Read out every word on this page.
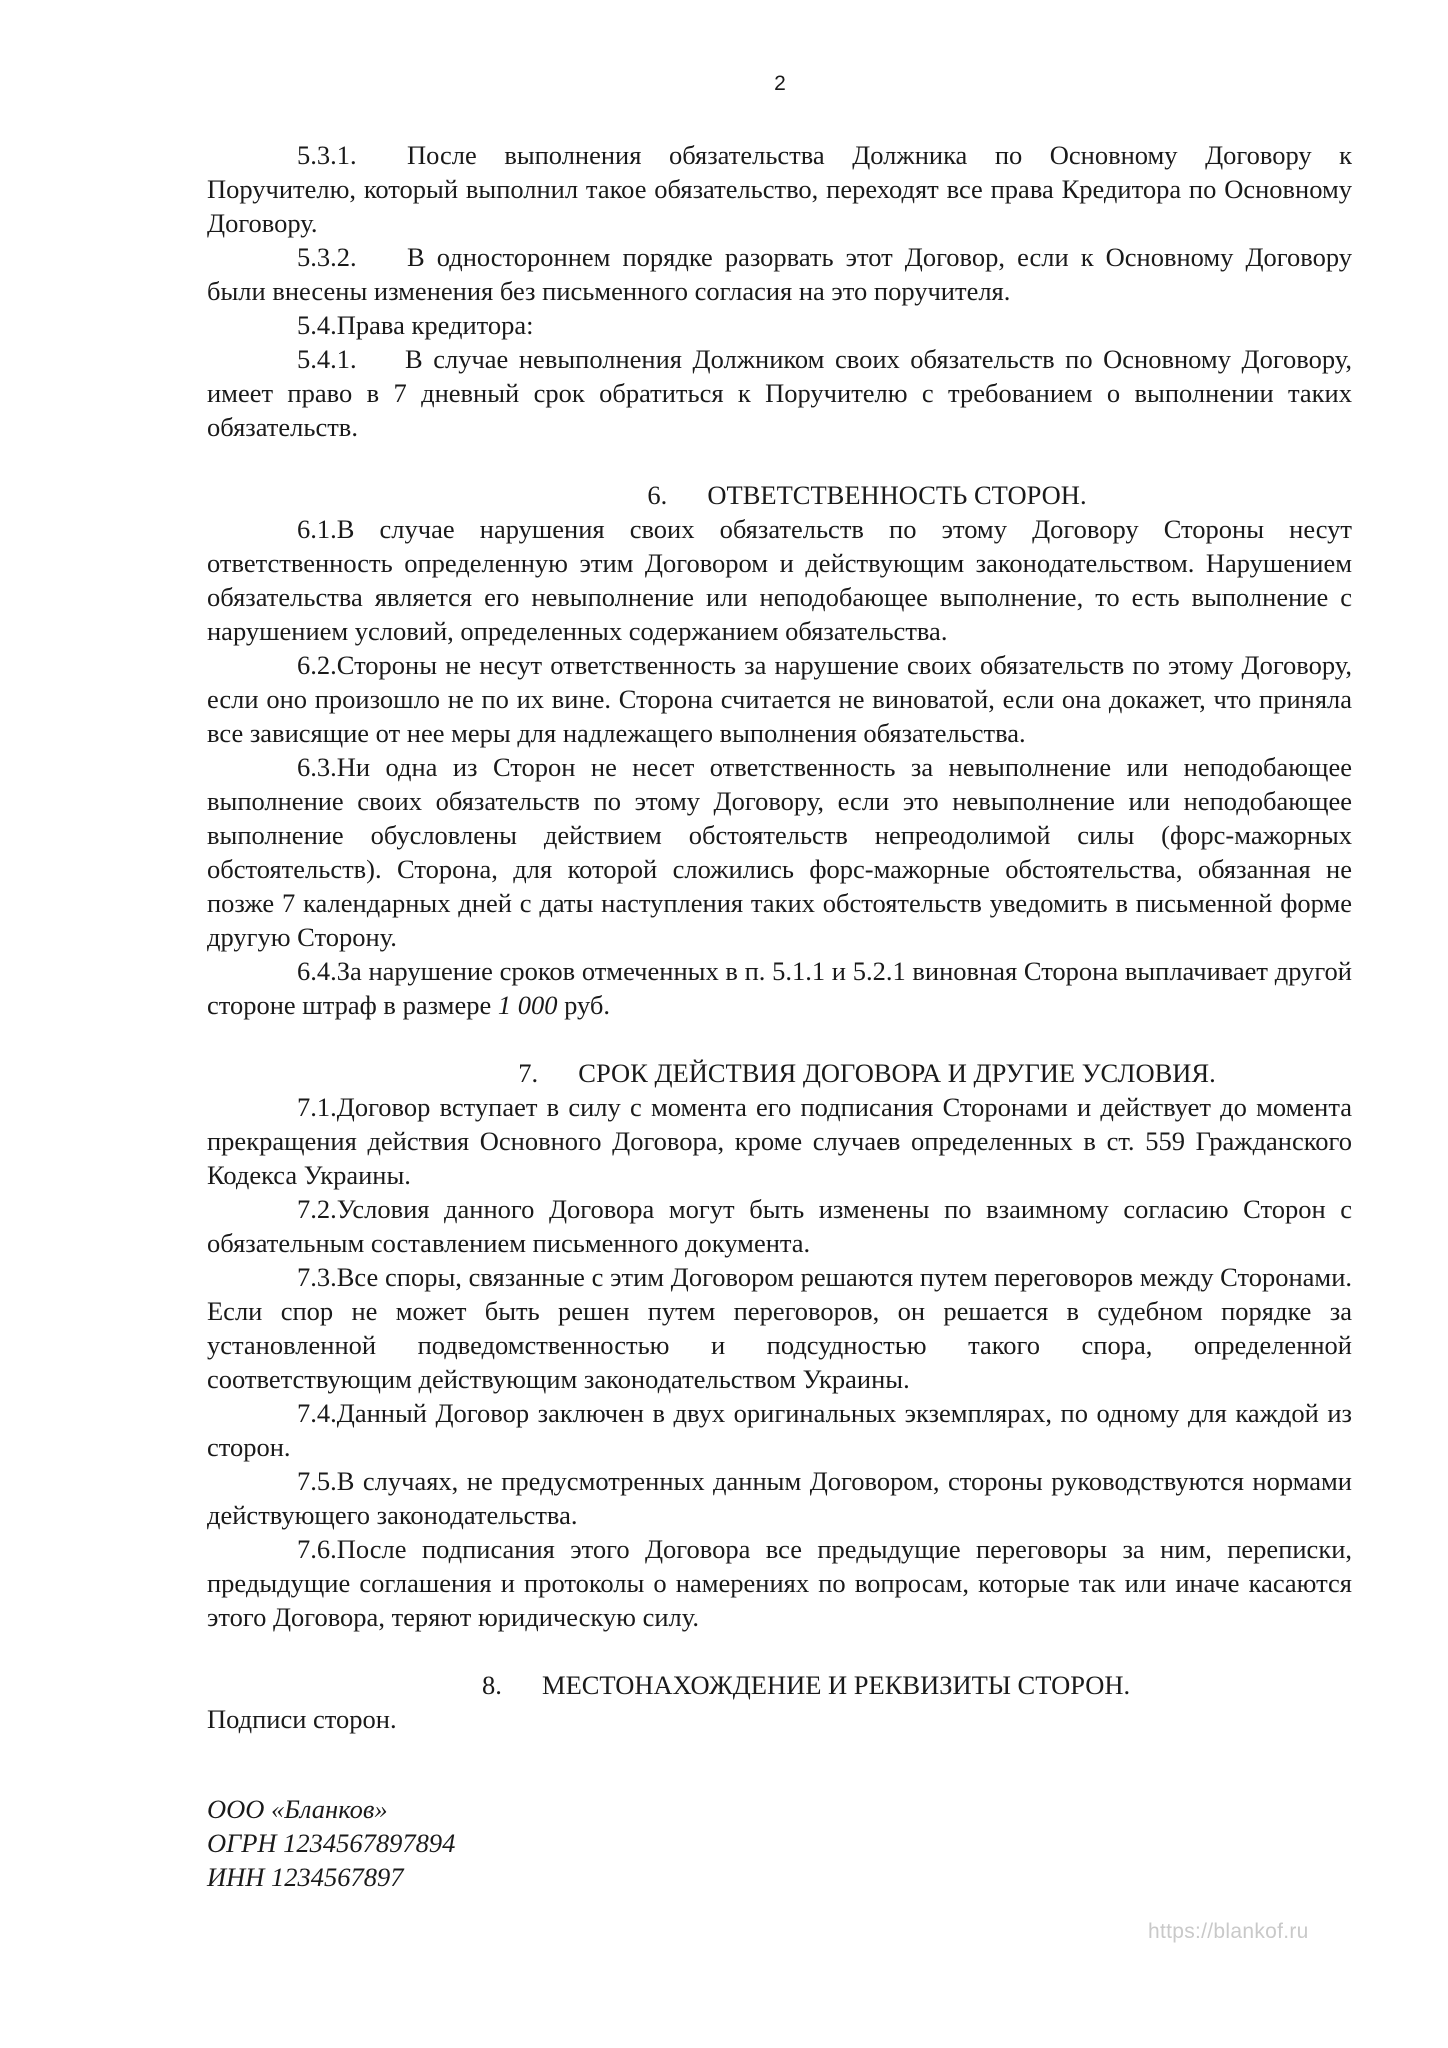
2

5.3.1. После выполнения обязательства Должника по Основному Договору к Поручителю, который выполнил такое обязательство, переходят все права Кредитора по Основному Договору.

5.3.2. В одностороннем порядке разорвать этот Договор, если к Основному Договору были внесены изменения без письменного согласия на это поручителя.

5.4.Права кредитора:

5.4.1. В случае невыполнения Должником своих обязательств по Основному Договору, имеет право в 7 дневный срок обратиться к Поручителю с требованием о выполнении таких обязательств.

6. ОТВЕТСТВЕННОСТЬ СТОРОН.

6.1.В случае нарушения своих обязательств по этому Договору Стороны несут ответственность определенную этим Договором и действующим законодательством. Нарушением обязательства является его невыполнение или неподобающее выполнение, то есть выполнение с нарушением условий, определенных содержанием обязательства.

6.2.Стороны не несут ответственность за нарушение своих обязательств по этому Договору, если оно произошло не по их вине. Сторона считается не виноватой, если она докажет, что приняла все зависящие от нее меры для надлежащего выполнения обязательства.

6.3.Ни одна из Сторон не несет ответственность за невыполнение или неподобающее выполнение своих обязательств по этому Договору, если это невыполнение или неподобающее выполнение обусловлены действием обстоятельств непреодолимой силы (форс-мажорных обстоятельств). Сторона, для которой сложились форс-мажорные обстоятельства, обязанная не позже 7 календарных дней с даты наступления таких обстоятельств уведомить в письменной форме другую Сторону.

6.4.За нарушение сроков отмеченных в п. 5.1.1 и 5.2.1 виновная Сторона выплачивает другой стороне штраф в размере 1 000 руб.

7. СРОК ДЕЙСТВИЯ ДОГОВОРА И ДРУГИЕ УСЛОВИЯ.

7.1.Договор вступает в силу с момента его подписания Сторонами и действует до момента прекращения действия Основного Договора, кроме случаев определенных в ст. 559 Гражданского Кодекса Украины.

7.2.Условия данного Договора могут быть изменены по взаимному согласию Сторон с обязательным составлением письменного документа.

7.3.Все споры, связанные с этим Договором решаются путем переговоров между Сторонами. Если спор не может быть решен путем переговоров, он решается в судебном порядке за установленной подведомственностью и подсудностью такого спора, определенной соответствующим действующим законодательством Украины.

7.4.Данный Договор заключен в двух оригинальных экземплярах, по одному для каждой из сторон.

7.5.В случаях, не предусмотренных данным Договором, стороны руководствуются нормами действующего законодательства.

7.6.После подписания этого Договора все предыдущие переговоры за ним, переписки, предыдущие соглашения и протоколы о намерениях по вопросам, которые так или иначе касаются этого Договора, теряют юридическую силу.

8. МЕСТОНАХОЖДЕНИЕ И РЕКВИЗИТЫ СТОРОН.

Подписи сторон.

ООО «Бланков»
ОГРН 1234567897894
ИНН 1234567897
https://blankof.ru
